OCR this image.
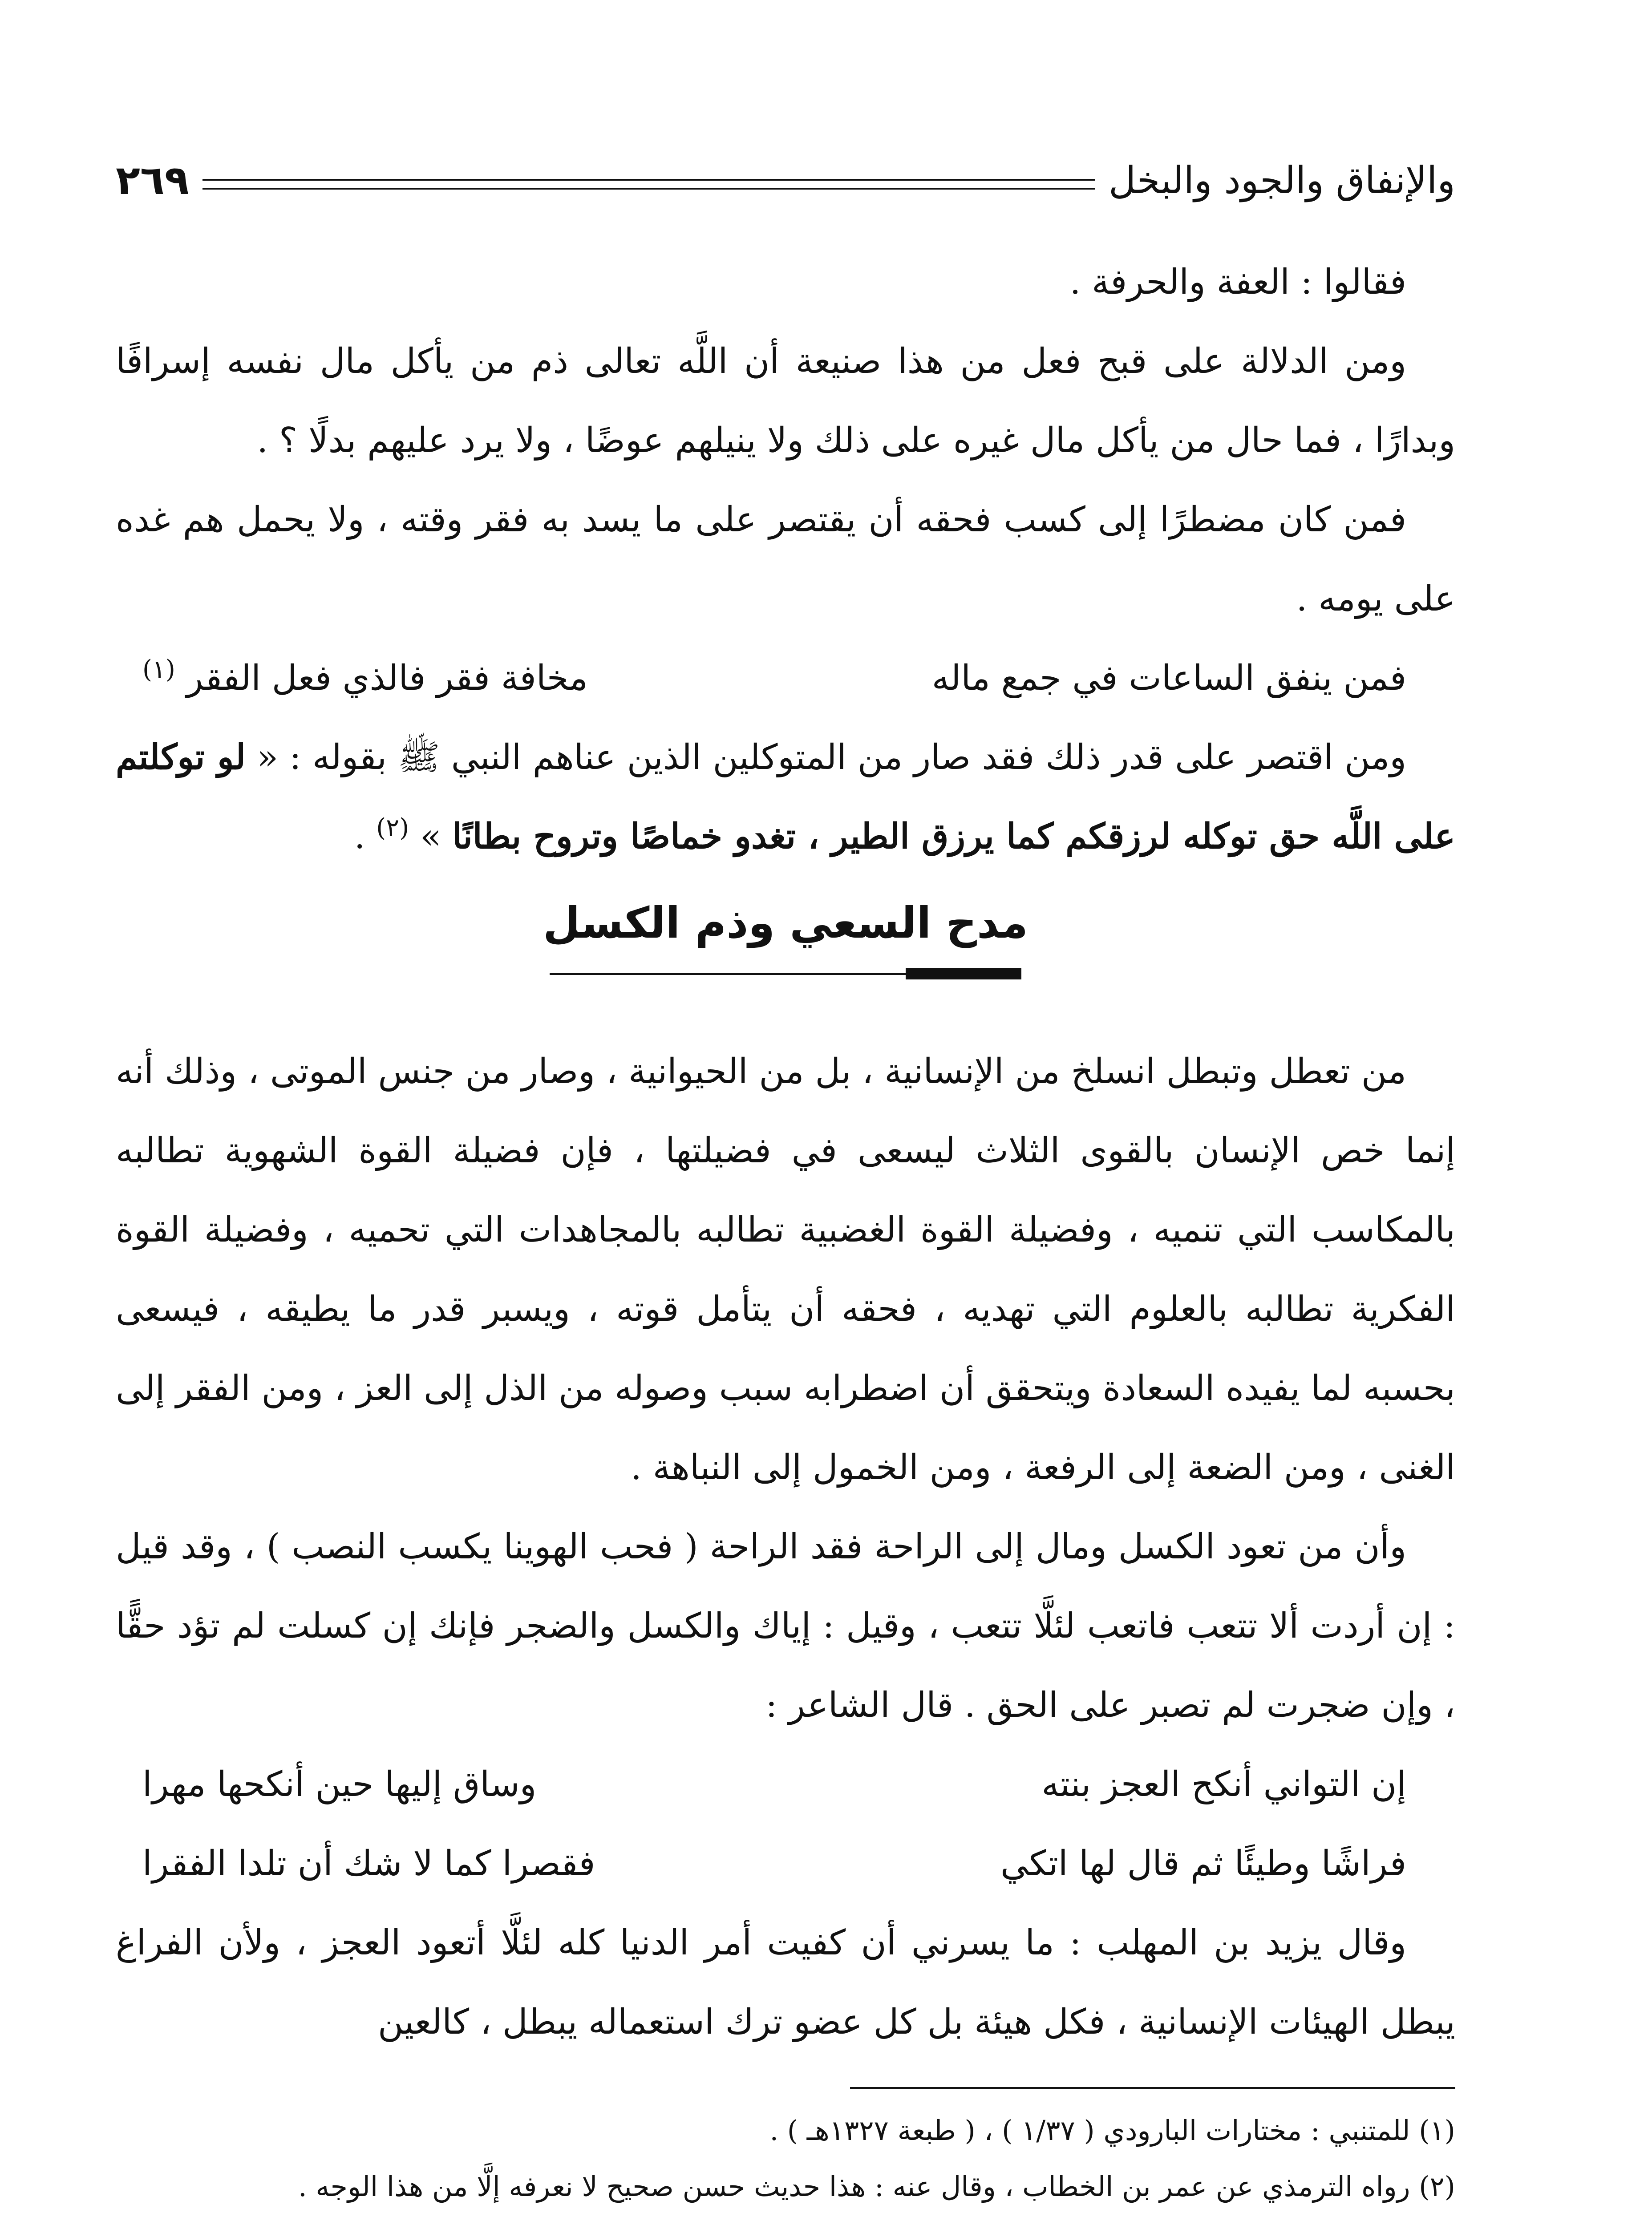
والإنفاق والجود والبخل
٢٦٩

فقالوا : العفة والحرفة .

ومن الدلالة على قبح فعل من هذا صنيعة أن اللَّه تعالى ذم من يأكل مال نفسه إسرافًا وبدارًا ، فما حال من يأكل مال غيره على ذلك ولا ينيلهم عوضًا ، ولا يرد عليهم بدلًا ؟ .

فمن كان مضطرًا إلى كسب فحقه أن يقتصر على ما يسد به فقر وقته ، ولا يحمل هم غده على يومه .

فمن ينفق الساعات في جمع ماله
مخافة فقر فالذي فعل الفقر $^{(١)}$

ومن اقتصر على قدر ذلك فقد صار من المتوكلين الذين عناهم النبي ﷺ بقوله : « لو توكلتم على اللَّه حق توكله لرزقكم كما يرزق الطير ، تغدو خماصًا وتروح بطانًا » $^{(٢)}$ .

مدح السعي وذم الكسل

من تعطل وتبطل انسلخ من الإنسانية ، بل من الحيوانية ، وصار من جنس الموتى ، وذلك أنه إنما خص الإنسان بالقوى الثلاث ليسعى في فضيلتها ، فإن فضيلة القوة الشهوية تطالبه بالمكاسب التي تنميه ، وفضيلة القوة الغضبية تطالبه بالمجاهدات التي تحميه ، وفضيلة القوة الفكرية تطالبه بالعلوم التي تهديه ، فحقه أن يتأمل قوته ، ويسبر قدر ما يطيقه ، فيسعى بحسبه لما يفيده السعادة ويتحقق أن اضطرابه سبب وصوله من الذل إلى العز ، ومن الفقر إلى الغنى ، ومن الضعة إلى الرفعة ، ومن الخمول إلى النباهة .

وأن من تعود الكسل ومال إلى الراحة فقد الراحة ( فحب الهوينا يكسب النصب ) ، وقد قيل : إن أردت ألا تتعب فاتعب لئلَّا تتعب ، وقيل : إياك والكسل والضجر فإنك إن كسلت لم تؤد حقًّا ، وإن ضجرت لم تصبر على الحق . قال الشاعر :

إن التواني أنكح العجز بنته
وساق إليها حين أنكحها مهرا
فراشًا وطيئًا ثم قال لها اتكي
فقصرا كما لا شك أن تلدا الفقرا

وقال يزيد بن المهلب : ما يسرني أن كفيت أمر الدنيا كله لئلَّا أتعود العجز ، ولأن الفراغ يبطل الهيئات الإنسانية ، فكل هيئة بل كل عضو ترك استعماله يبطل ، كالعين

(١) للمتنبي : مختارات البارودي ( ١/٣٧ ) ، ( طبعة ١٣٢٧هـ ) .

(٢) رواه الترمذي عن عمر بن الخطاب ، وقال عنه : هذا حديث حسن صحيح لا نعرفه إلَّا من هذا الوجه .
